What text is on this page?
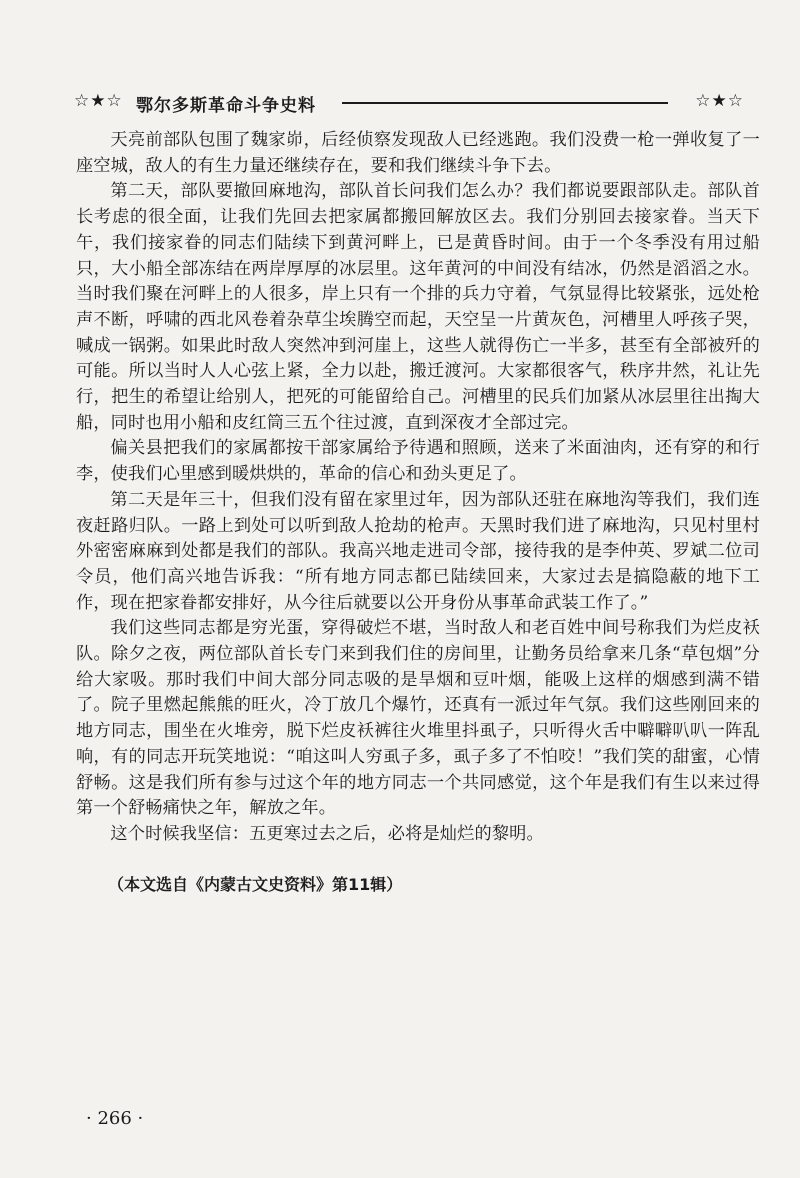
☆★☆ 鄂尔多斯革命斗争史料	☆★☆

天亮前部队包围了魏家峁，后经侦察发现敌人已经逃跑。我们没费一枪一弹收复了一座空城，敌人的有生力量还继续存在，要和我们继续斗争下去。

第二天，部队要撤回麻地沟，部队首长问我们怎么办？我们都说要跟部队走。部队首长考虑的很全面，让我们先回去把家属都搬回解放区去。我们分别回去接家眷。当天下午，我们接家眷的同志们陆续下到黄河畔上，已是黄昏时间。由于一个冬季没有用过船只，大小船全部冻结在两岸厚厚的冰层里。这年黄河的中间没有结冰，仍然是滔滔之水。当时我们聚在河畔上的人很多，岸上只有一个排的兵力守着，气氛显得比较紧张，远处枪声不断，呼啸的西北风卷着杂草尘埃腾空而起，天空呈一片黄灰色，河槽里人呼孩子哭，喊成一锅粥。如果此时敌人突然冲到河崖上，这些人就得伤亡一半多，甚至有全部被歼的可能。所以当时人人心弦上紧，全力以赴，搬迁渡河。大家都很客气，秩序井然，礼让先行，把生的希望让给别人，把死的可能留给自己。河槽里的民兵们加紧从冰层里往出掏大船，同时也用小船和皮红筒三五个往过渡，直到深夜才全部过完。

偏关县把我们的家属都按干部家属给予待遇和照顾，送来了米面油肉，还有穿的和行李，使我们心里感到暖烘烘的，革命的信心和劲头更足了。

第二天是年三十，但我们没有留在家里过年，因为部队还驻在麻地沟等我们，我们连夜赶路归队。一路上到处可以听到敌人抢劫的枪声。天黑时我们进了麻地沟，只见村里村外密密麻麻到处都是我们的部队。我高兴地走进司令部，接待我的是李仲英、罗斌二位司令员，他们高兴地告诉我：“所有地方同志都已陆续回来，大家过去是搞隐蔽的地下工作，现在把家眷都安排好，从今往后就要以公开身份从事革命武装工作了。”

我们这些同志都是穷光蛋，穿得破烂不堪，当时敌人和老百姓中间号称我们为烂皮袄队。除夕之夜，两位部队首长专门来到我们住的房间里，让勤务员给拿来几条“草包烟”分给大家吸。那时我们中间大部分同志吸的是旱烟和豆叶烟，能吸上这样的烟感到满不错了。院子里燃起熊熊的旺火，冷丁放几个爆竹，还真有一派过年气氛。我们这些刚回来的地方同志，围坐在火堆旁，脱下烂皮袄裤往火堆里抖虱子，只听得火舌中噼噼叭叭一阵乱响，有的同志开玩笑地说：“咱这叫人穷虱子多，虱子多了不怕咬！”我们笑的甜蜜，心情舒畅。这是我们所有参与过这个年的地方同志一个共同感觉，这个年是我们有生以来过得第一个舒畅痛快之年，解放之年。

这个时候我坚信：五更寒过去之后，必将是灿烂的黎明。

（本文选自《内蒙古文史资料》第11辑）
· 266 ·
